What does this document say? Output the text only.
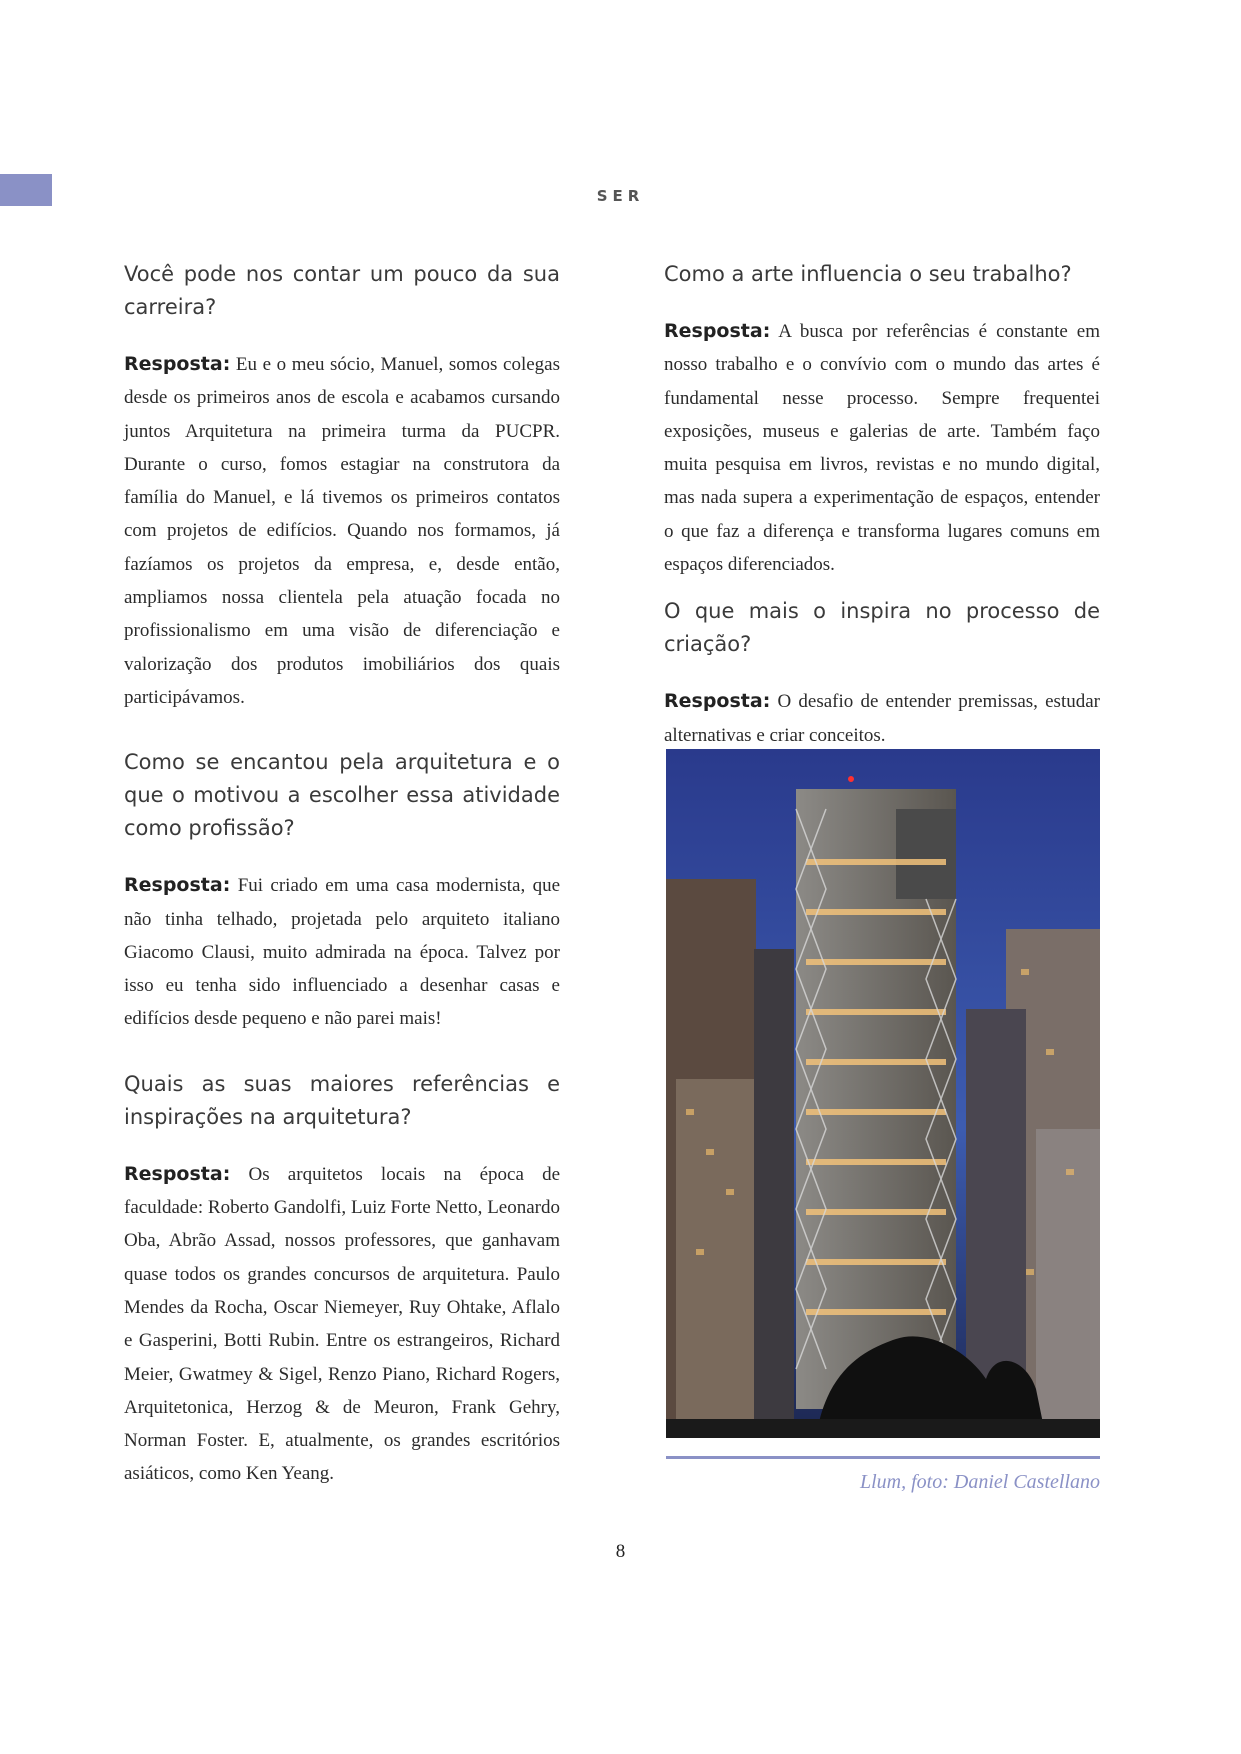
SER

Você pode nos contar um pouco da sua carreira?

Resposta: Eu e o meu sócio, Manuel, somos colegas desde os primeiros anos de escola e acabamos cursando juntos Arquitetura na primeira turma da PUCPR. Durante o curso, fomos estagiar na construtora da família do Manuel, e lá tivemos os primeiros contatos com projetos de edifícios. Quando nos formamos, já fazíamos os projetos da empresa, e, desde então, ampliamos nossa clientela pela atuação focada no profissionalismo em uma visão de diferenciação e valorização dos produtos imobiliários dos quais participávamos.

Como se encantou pela arquitetura e o que o motivou a escolher essa atividade como profissão?

Resposta: Fui criado em uma casa modernista, que não tinha telhado, projetada pelo arquiteto italiano Giacomo Clausi, muito admirada na época. Talvez por isso eu tenha sido influenciado a desenhar casas e edifícios desde pequeno e não parei mais!

Quais as suas maiores referências e inspirações na arquitetura?

Resposta: Os arquitetos locais na época de faculdade: Roberto Gandolfi, Luiz Forte Netto, Leonardo Oba, Abrão Assad, nossos professores, que ganhavam quase todos os grandes concursos de arquitetura. Paulo Mendes da Rocha, Oscar Niemeyer, Ruy Ohtake, Aflalo e Gasperini, Botti Rubin. Entre os estrangeiros, Richard Meier, Gwatmey & Sigel, Renzo Piano, Richard Rogers, Arquitetonica, Herzog & de Meuron, Frank Gehry, Norman Foster. E, atualmente, os grandes escritórios asiáticos, como Ken Yeang.

Como a arte influencia o seu trabalho?

Resposta: A busca por referências é constante em nosso trabalho e o convívio com o mundo das artes é fundamental nesse processo. Sempre frequentei exposições, museus e galerias de arte. Também faço muita pesquisa em livros, revistas e no mundo digital, mas nada supera a experimentação de espaços, entender o que faz a diferença e transforma lugares comuns em espaços diferenciados.

O que mais o inspira no processo de criação?

Resposta: O desafio de entender premissas, estudar alternativas e criar conceitos.

Llum, foto: Daniel Castellano
8
